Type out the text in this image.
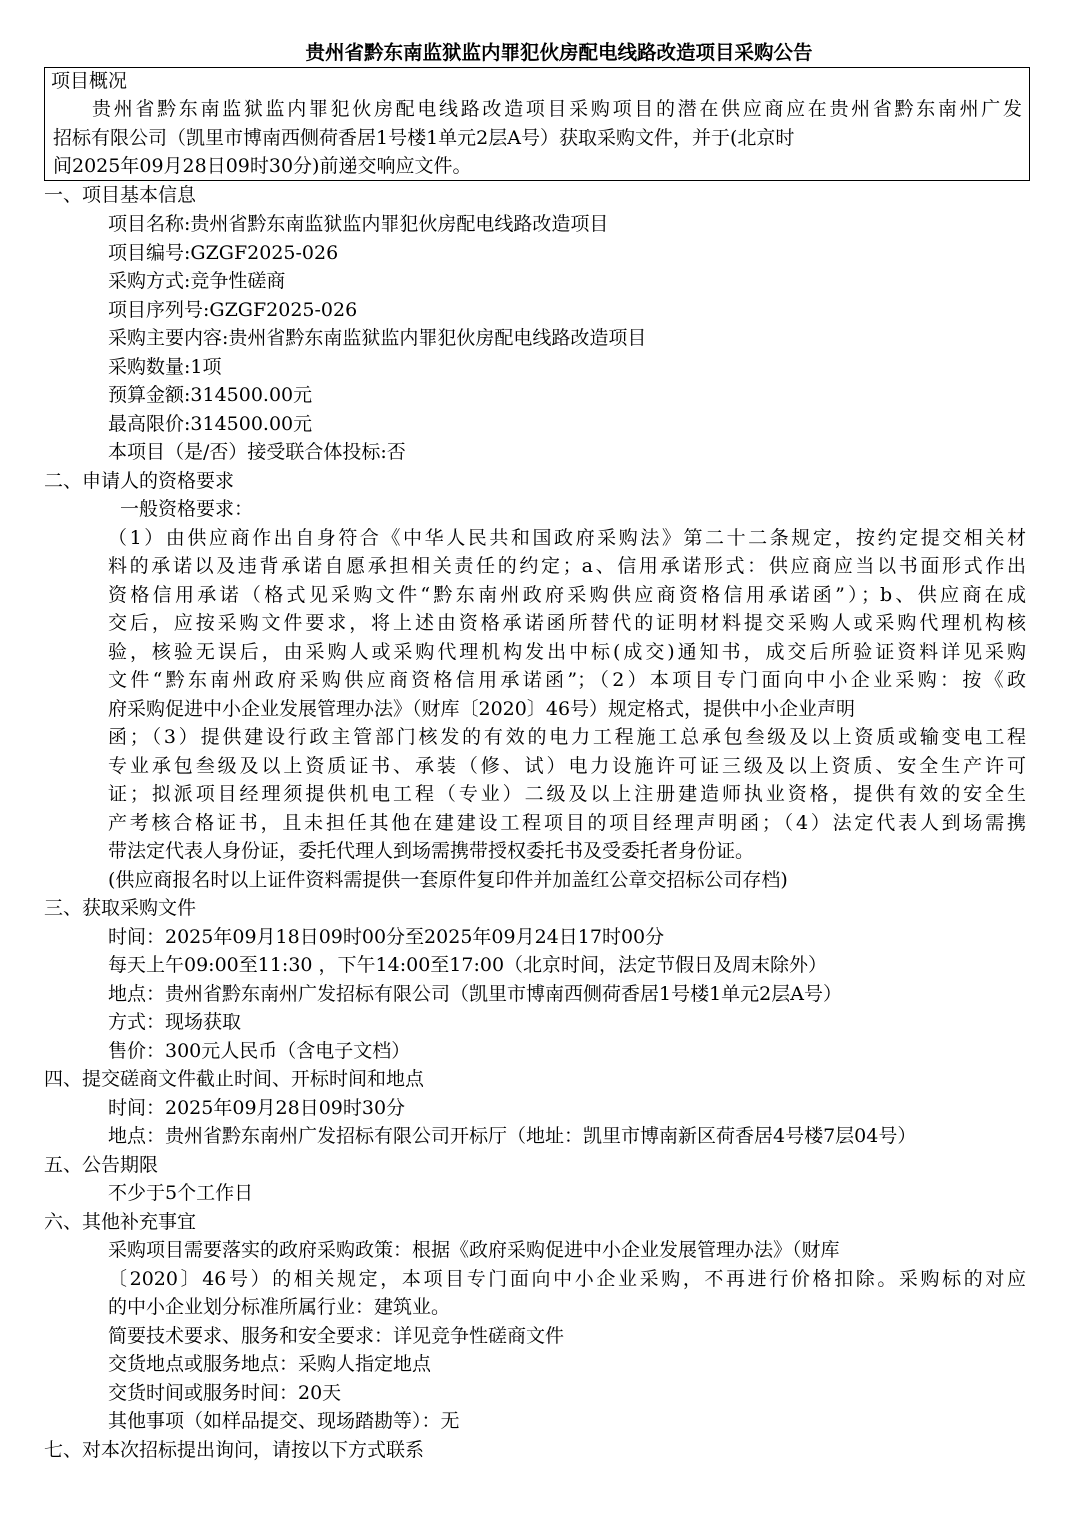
贵州省黔东南监狱监内罪犯伙房配电线路改造项目采购公告
项目概况
贵州省黔东南监狱监内罪犯伙房配电线路改造项目采购项目的潜在供应商应在贵州省黔东南州广发
招标有限公司（凯里市博南西侧荷香居1号楼1单元2层A号）获取采购文件，并于(北京时
间2025年09月28日09时30分)前递交响应文件。
一、项目基本信息
项目名称:贵州省黔东南监狱监内罪犯伙房配电线路改造项目
项目编号:GZGF2025-026
采购方式:竞争性磋商
项目序列号:GZGF2025-026
采购主要内容:贵州省黔东南监狱监内罪犯伙房配电线路改造项目
采购数量:1项
预算金额:314500.00元
最高限价:314500.00元
本项目（是/否）接受联合体投标:否
二、申请人的资格要求
一般资格要求：
（1）由供应商作出自身符合《中华人民共和国政府采购法》第二十二条规定，按约定提交相关材
料的承诺以及违背承诺自愿承担相关责任的约定；a、信用承诺形式：供应商应当以书面形式作出
资格信用承诺（格式见采购文件“黔东南州政府采购供应商资格信用承诺函”）；b、供应商在成
交后，应按采购文件要求，将上述由资格承诺函所替代的证明材料提交采购人或采购代理机构核
验，核验无误后，由采购人或采购代理机构发出中标(成交)通知书，成交后所验证资料详见采购
文件“黔东南州政府采购供应商资格信用承诺函”；（2）本项目专门面向中小企业采购：按《政
府采购促进中小企业发展管理办法》（财库〔2020〕46号）规定格式，提供中小企业声明
函；（3）提供建设行政主管部门核发的有效的电力工程施工总承包叁级及以上资质或输变电工程
专业承包叁级及以上资质证书、承装（修、试）电力设施许可证三级及以上资质、安全生产许可
证；拟派项目经理须提供机电工程（专业）二级及以上注册建造师执业资格，提供有效的安全生
产考核合格证书，且未担任其他在建建设工程项目的项目经理声明函；（4）法定代表人到场需携
带法定代表人身份证，委托代理人到场需携带授权委托书及受委托者身份证。
(供应商报名时以上证件资料需提供一套原件复印件并加盖红公章交招标公司存档)
三、获取采购文件
时间：2025年09月18日09时00分至2025年09月24日17时00分
每天上午09:00至11:30 ，下午14:00至17:00（北京时间，法定节假日及周末除外）
地点：贵州省黔东南州广发招标有限公司（凯里市博南西侧荷香居1号楼1单元2层A号）
方式：现场获取
售价：300元人民币（含电子文档）
四、提交磋商文件截止时间、开标时间和地点
时间：2025年09月28日09时30分
地点：贵州省黔东南州广发招标有限公司开标厅（地址：凯里市博南新区荷香居4号楼7层04号）
五、公告期限
不少于5个工作日
六、其他补充事宜
采购项目需要落实的政府采购政策：根据《政府采购促进中小企业发展管理办法》（财库
〔2020〕46号）的相关规定，本项目专门面向中小企业采购，不再进行价格扣除。采购标的对应
的中小企业划分标准所属行业：建筑业。
简要技术要求、服务和安全要求：详见竞争性磋商文件
交货地点或服务地点：采购人指定地点
交货时间或服务时间：20天
其他事项（如样品提交、现场踏勘等）：无
七、对本次招标提出询问，请按以下方式联系
